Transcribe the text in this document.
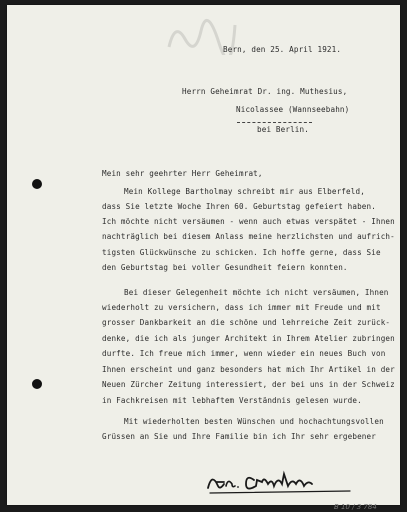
Bern, den 25. April 1921.
Herrn Geheimrat Dr. ing. Muthesius,
Nicolassee (Wannseebahn)
bei Berlin.
Mein sehr geehrter Herr Geheimrat,
Mein Kollege Bartholmay schreibt mir aus Elberfeld,
dass Sie letzte Woche Ihren 60. Geburtstag gefeiert haben.
Ich möchte nicht versäumen - wenn auch etwas verspätet - Ihnen
nachträglich bei diesem Anlass meine herzlichsten und aufrich-
tigsten Glückwünsche zu schicken. Ich hoffe gerne, dass Sie
den Geburtstag bei voller Gesundheit feiern konnten.
Bei dieser Gelegenheit möchte ich nicht versäumen, Ihnen
wiederholt zu versichern, dass ich immer mit Freude und mit
grosser Dankbarkeit an die schöne und lehrreiche Zeit zurück-
denke, die ich als junger Architekt in Ihrem Atelier zubringen
durfte. Ich freue mich immer, wenn wieder ein neues Buch von
Ihnen erscheint und ganz besonders hat mich Ihr Artikel in der
Neuen Zürcher Zeitung interessiert, der bei uns in der Schweiz
in Fachkreisen mit lebhaftem Verständnis gelesen wurde.
Mit wiederholten besten Wünschen und hochachtungsvollen
Grüssen an Sie und Ihre Familie bin ich Ihr sehr ergebener
B 10 / 3 784
